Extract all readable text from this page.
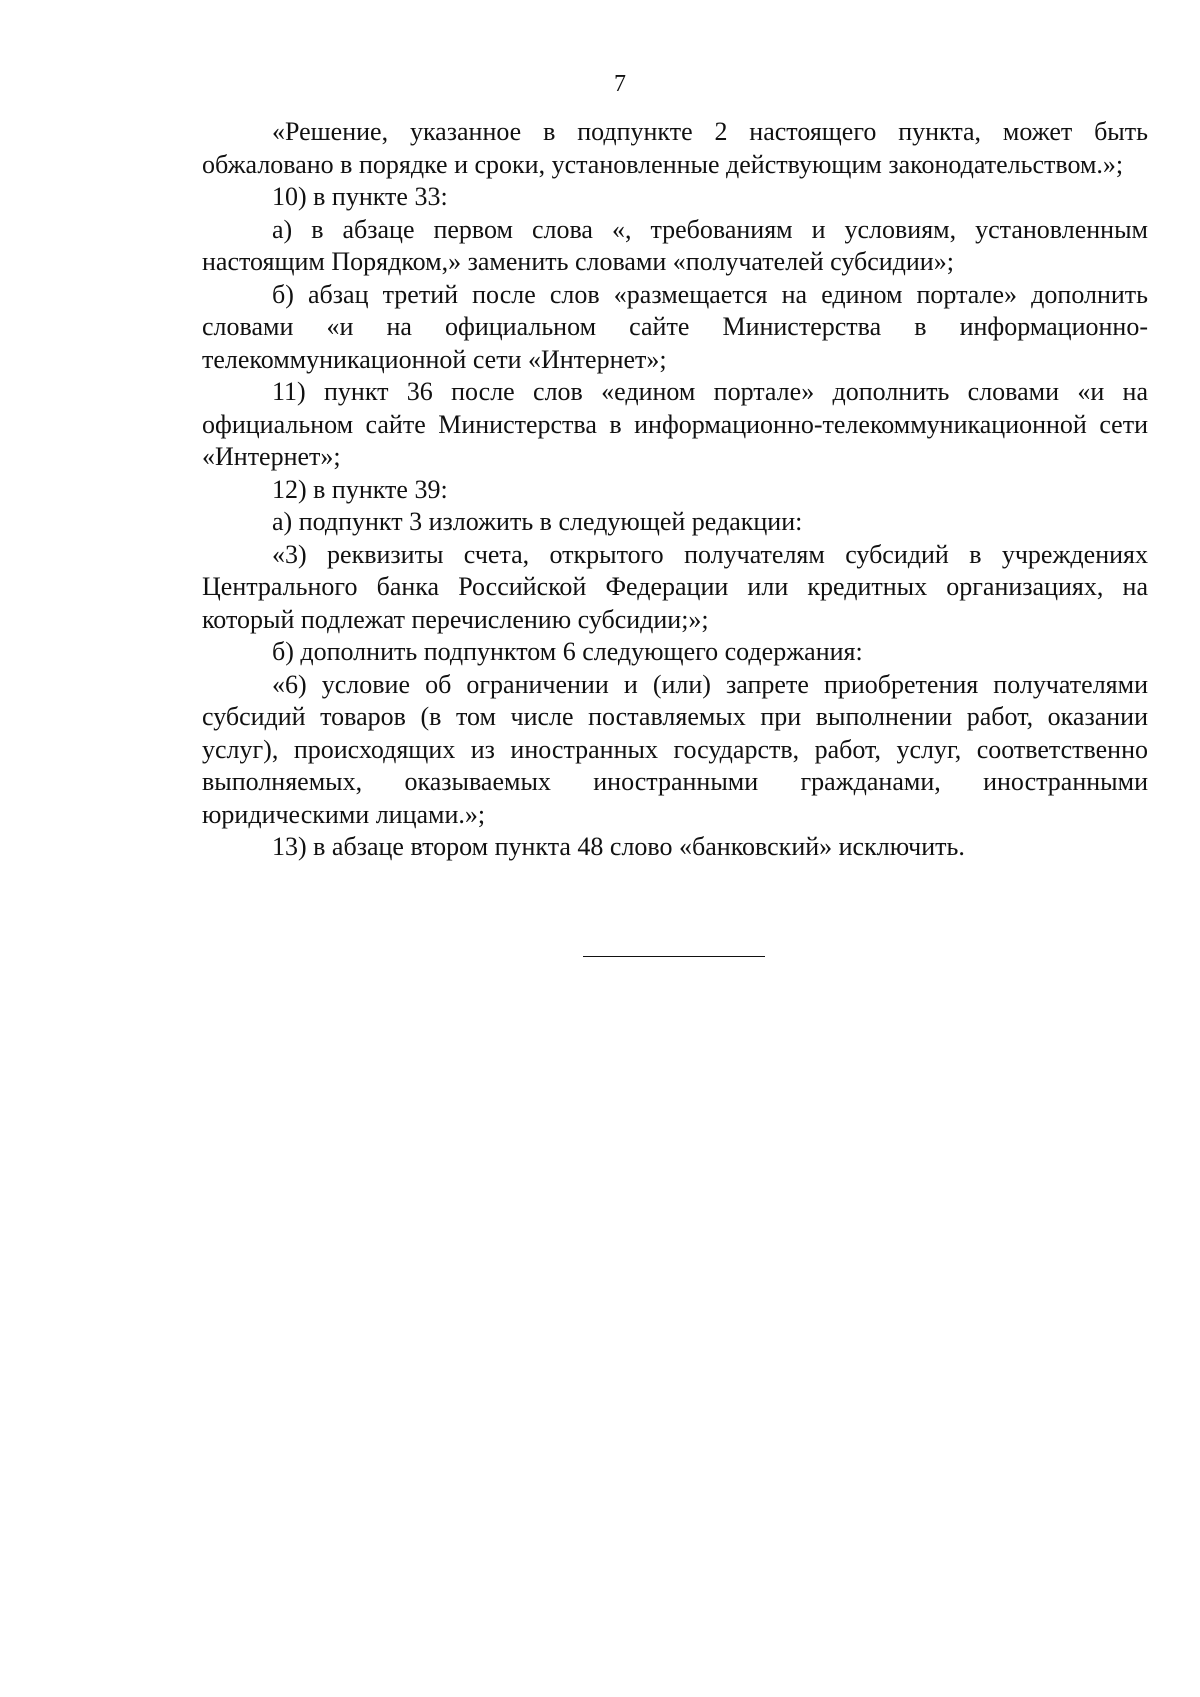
7

«Решение, указанное в подпункте 2 настоящего пункта, может быть обжаловано в порядке и сроки, установленные действующим законодательством.»;

10) в пункте 33:

а) в абзаце первом слова «, требованиям и условиям, установленным настоящим Порядком,» заменить словами «получателей субсидии»;

б) абзац третий после слов «размещается на едином портале» дополнить словами «и на официальном сайте Министерства в информационно-телекоммуникационной сети «Интернет»;

11) пункт 36 после слов «едином портале» дополнить словами «и на официальном сайте Министерства в информационно-телекоммуникационной сети «Интернет»;

12) в пункте 39:

а) подпункт 3 изложить в следующей редакции:

«3) реквизиты счета, открытого получателям субсидий в учреждениях Центрального банка Российской Федерации или кредитных организациях, на который подлежат перечислению субсидии;»;

б) дополнить подпунктом 6 следующего содержания:

«6) условие об ограничении и (или) запрете приобретения получателями субсидий товаров (в том числе поставляемых при выполнении работ, оказании услуг), происходящих из иностранных государств, работ, услуг, соответственно выполняемых, оказываемых иностранными гражданами, иностранными юридическими лицами.»;

13) в абзаце втором пункта 48 слово «банковский» исключить.
